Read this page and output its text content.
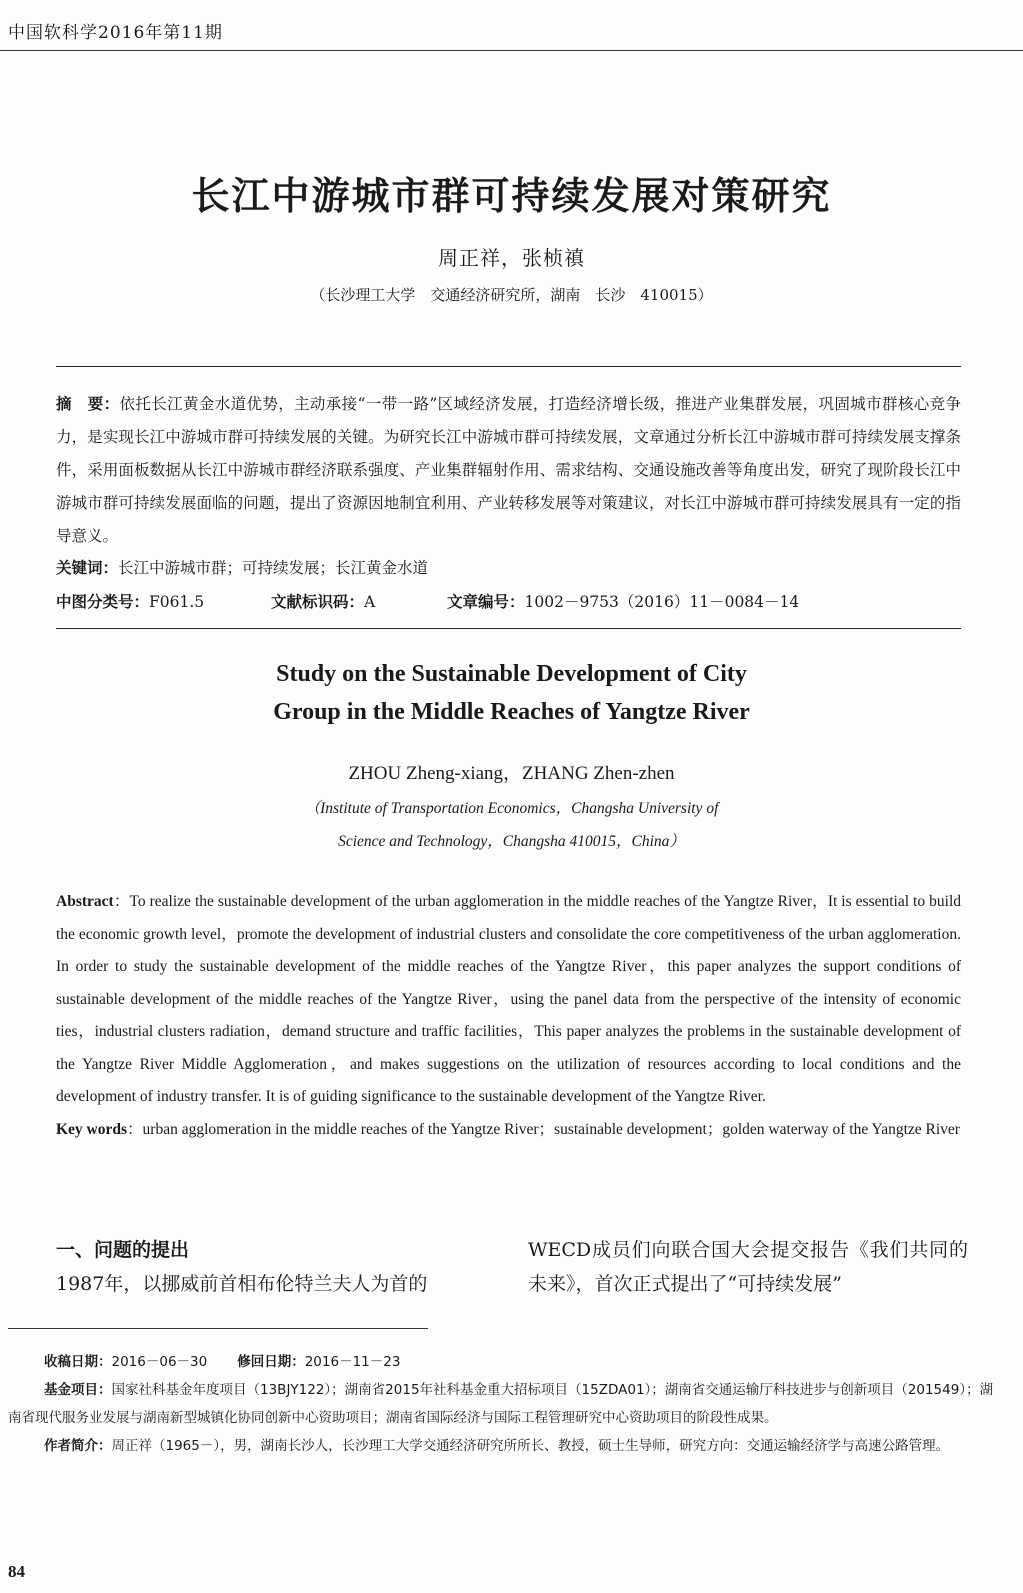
中国软科学2016年第11期
长江中游城市群可持续发展对策研究
周正祥，张桢禛
（长沙理工大学　交通经济研究所，湖南　长沙　410015）
摘　要：依托长江黄金水道优势，主动承接“一带一路”区域经济发展，打造经济增长级，推进产业集群发展，巩固城市群核心竞争力，是实现长江中游城市群可持续发展的关键。为研究长江中游城市群可持续发展，文章通过分析长江中游城市群可持续发展支撑条件，采用面板数据从长江中游城市群经济联系强度、产业集群辐射作用、需求结构、交通设施改善等角度出发，研究了现阶段长江中游城市群可持续发展面临的问题，提出了资源因地制宜利用、产业转移发展等对策建议，对长江中游城市群可持续发展具有一定的指导意义。
关键词：长江中游城市群；可持续发展；长江黄金水道
中图分类号：F061.5	文献标识码：A	文章编号：1002－9753（2016）11－0084－14
Study on the Sustainable Development of City
Group in the Middle Reaches of Yangtze River
ZHOU Zheng-xiang，ZHANG Zhen-zhen
（Institute of Transportation Economics，Changsha University of
Science and Technology，Changsha 410015，China）
Abstract：To realize the sustainable development of the urban agglomeration in the middle reaches of the Yangtze River，It is essential to build the economic growth level，promote the development of industrial clusters and consolidate the core competitiveness of the urban agglomeration. In order to study the sustainable development of the middle reaches of the Yangtze River，this paper analyzes the support conditions of sustainable development of the middle reaches of the Yangtze River，using the panel data from the perspective of the intensity of economic ties，industrial clusters radiation，demand structure and traffic facilities，This paper analyzes the problems in the sustainable development of the Yangtze River Middle Agglomeration，and makes suggestions on the utilization of resources according to local conditions and the development of industry transfer. It is of guiding significance to the sustainable development of the Yangtze River.
Key words：urban agglomeration in the middle reaches of the Yangtze River；sustainable development；golden waterway of the Yangtze River
一、问题的提出
1987年，以挪威前首相布伦特兰夫人为首的
WECD成员们向联合国大会提交报告《我们共同的未来》，首次正式提出了“可持续发展”

收稿日期：2016－06－30 修回日期：2016－11－23

基金项目：国家社科基金年度项目（13BJY122）；湖南省2015年社科基金重大招标项目（15ZDA01）；湖南省交通运输厅科技进步与创新项目（201549）；湖南省现代服务业发展与湖南新型城镇化协同创新中心资助项目；湖南省国际经济与国际工程管理研究中心资助项目的阶段性成果。

作者简介：周正祥（1965－），男，湖南长沙人，长沙理工大学交通经济研究所所长、教授，硕士生导师，研究方向：交通运输经济学与高速公路管理。

84
